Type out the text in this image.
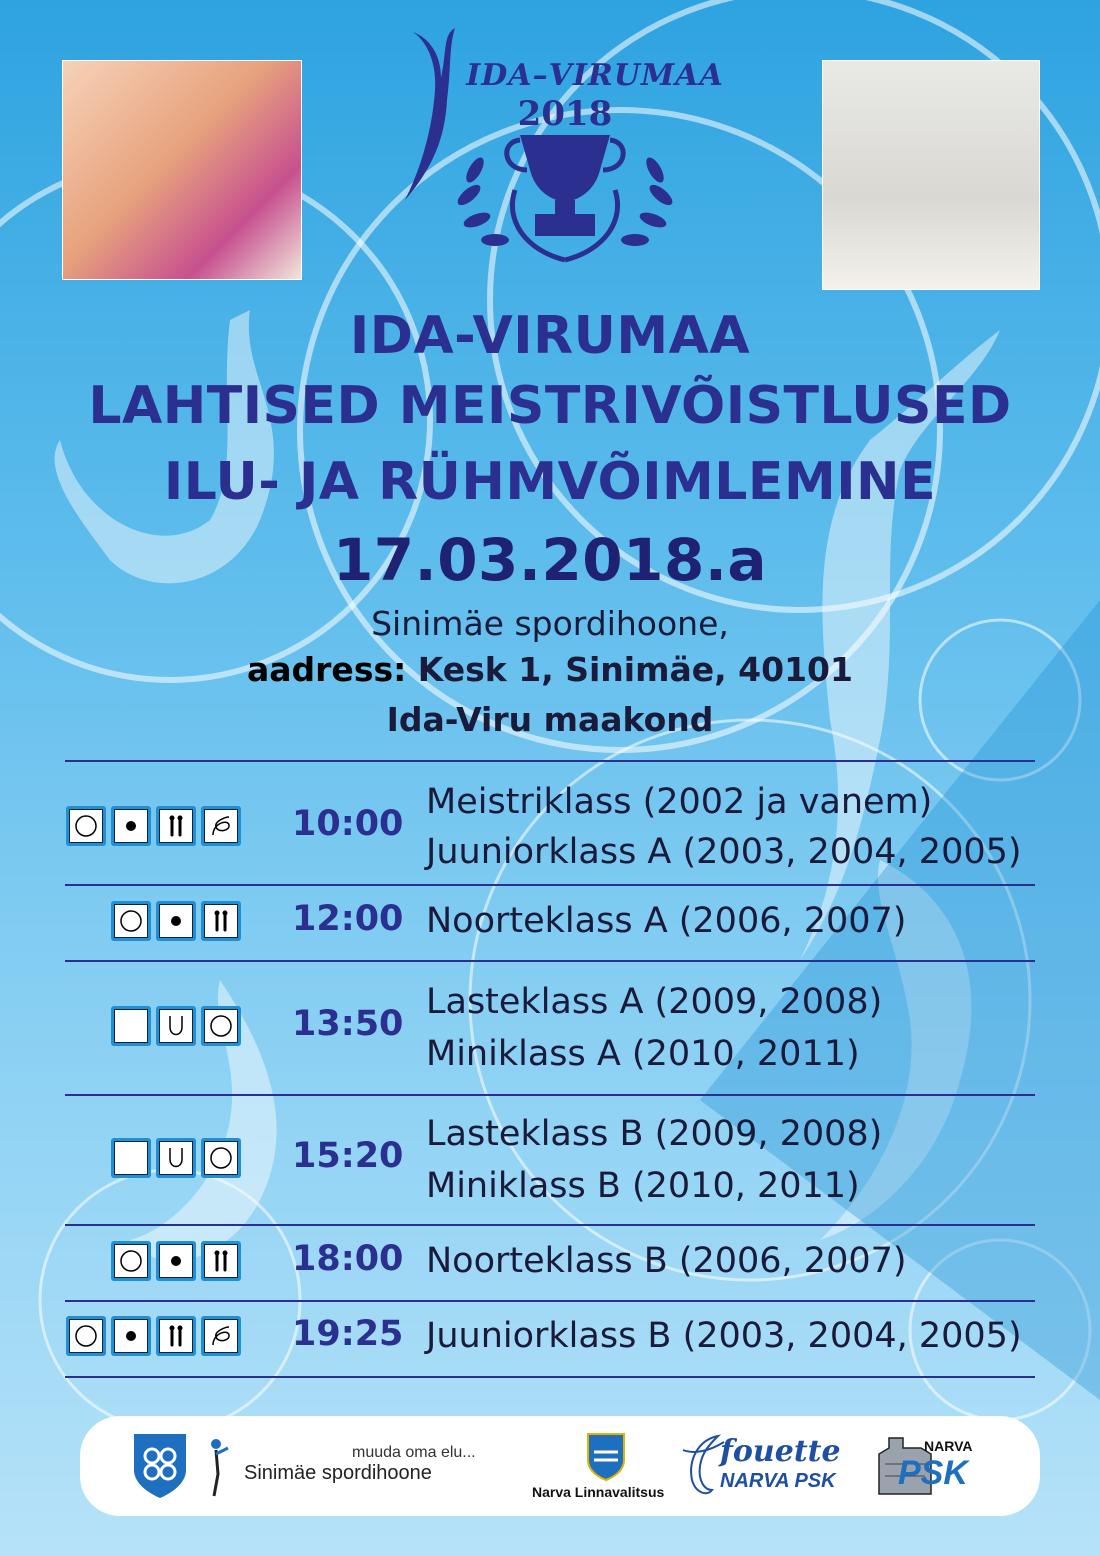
IDA–VIRUMAA
2018
IDA-VIRUMAA
LAHTISED MEISTRIVÕISTLUSED
ILU- JA RÜHMVÕIMLEMINE
17.03.2018.a
Sinimäe spordihoone,
aadress: Kesk 1, Sinimäe, 40101
Ida-Viru maakond
10:00
Meistriklass (2002 ja vanem)
Juuniorklass A (2003, 2004, 2005)
12:00 Noorteklass A (2006, 2007)
13:50
Lasteklass A (2009, 2008)
Miniklass A (2010, 2011)
15:20
Lasteklass B (2009, 2008)
Miniklass B (2010, 2011)
18:00 Noorteklass B (2006, 2007)
19:25 Juuniorklass B (2003, 2004, 2005)
muuda oma elu...
Sinimäe spordihoone
Narva Linnavalitsus
fouette
NARVA PSK
NARVA
PSK
